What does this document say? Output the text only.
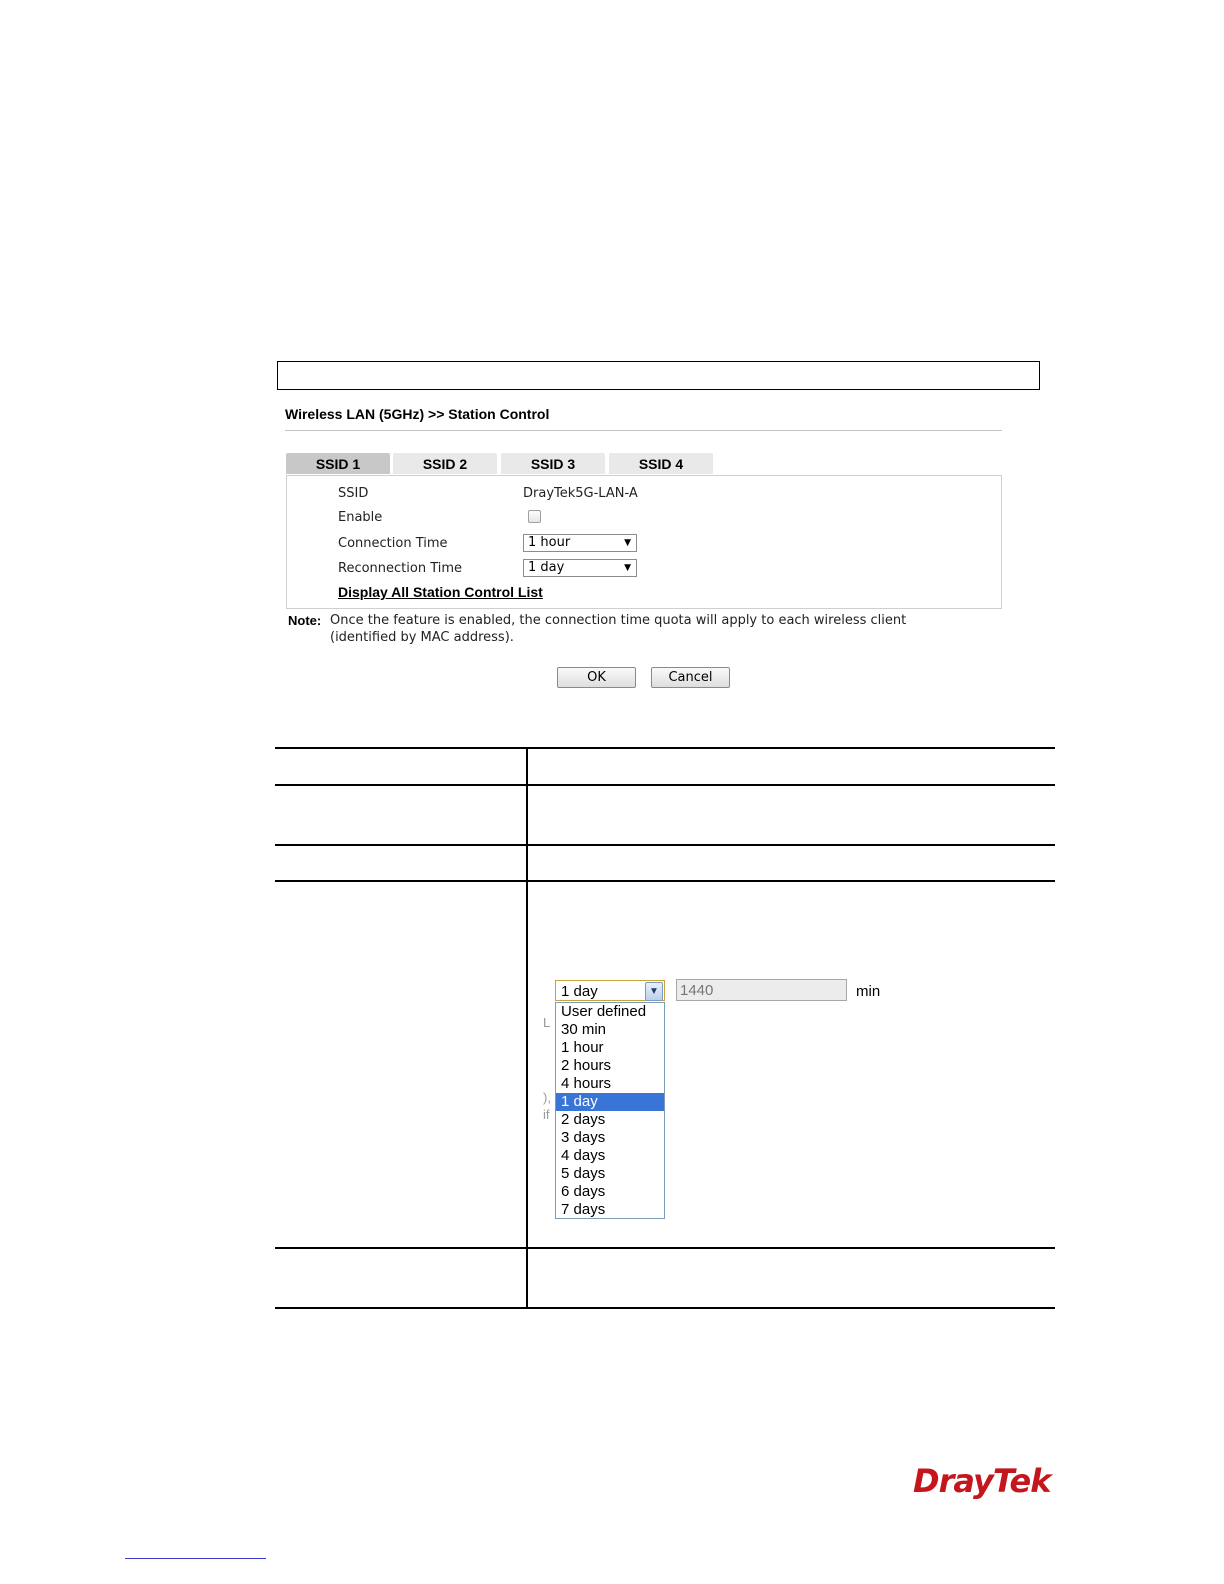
Wireless LAN (5GHz) >> Station Control
SSID 1	SSID 2	SSID 3	SSID 4
SSID	DrayTek5G-LAN-A
Enable
Connection Time	1 hour	▼
Reconnection Time	1 day	▼
Display All Station Control List
Note: Once the feature is enabled, the connection time quota will apply to each wireless client (identified by MAC address).
OK	Cancel
1 day	▼ 1440	min
L
),
if
User defined
30 min
1 hour
2 hours
4 hours
1 day
2 days
3 days
4 days
5 days
6 days
7 days
DrayTek
